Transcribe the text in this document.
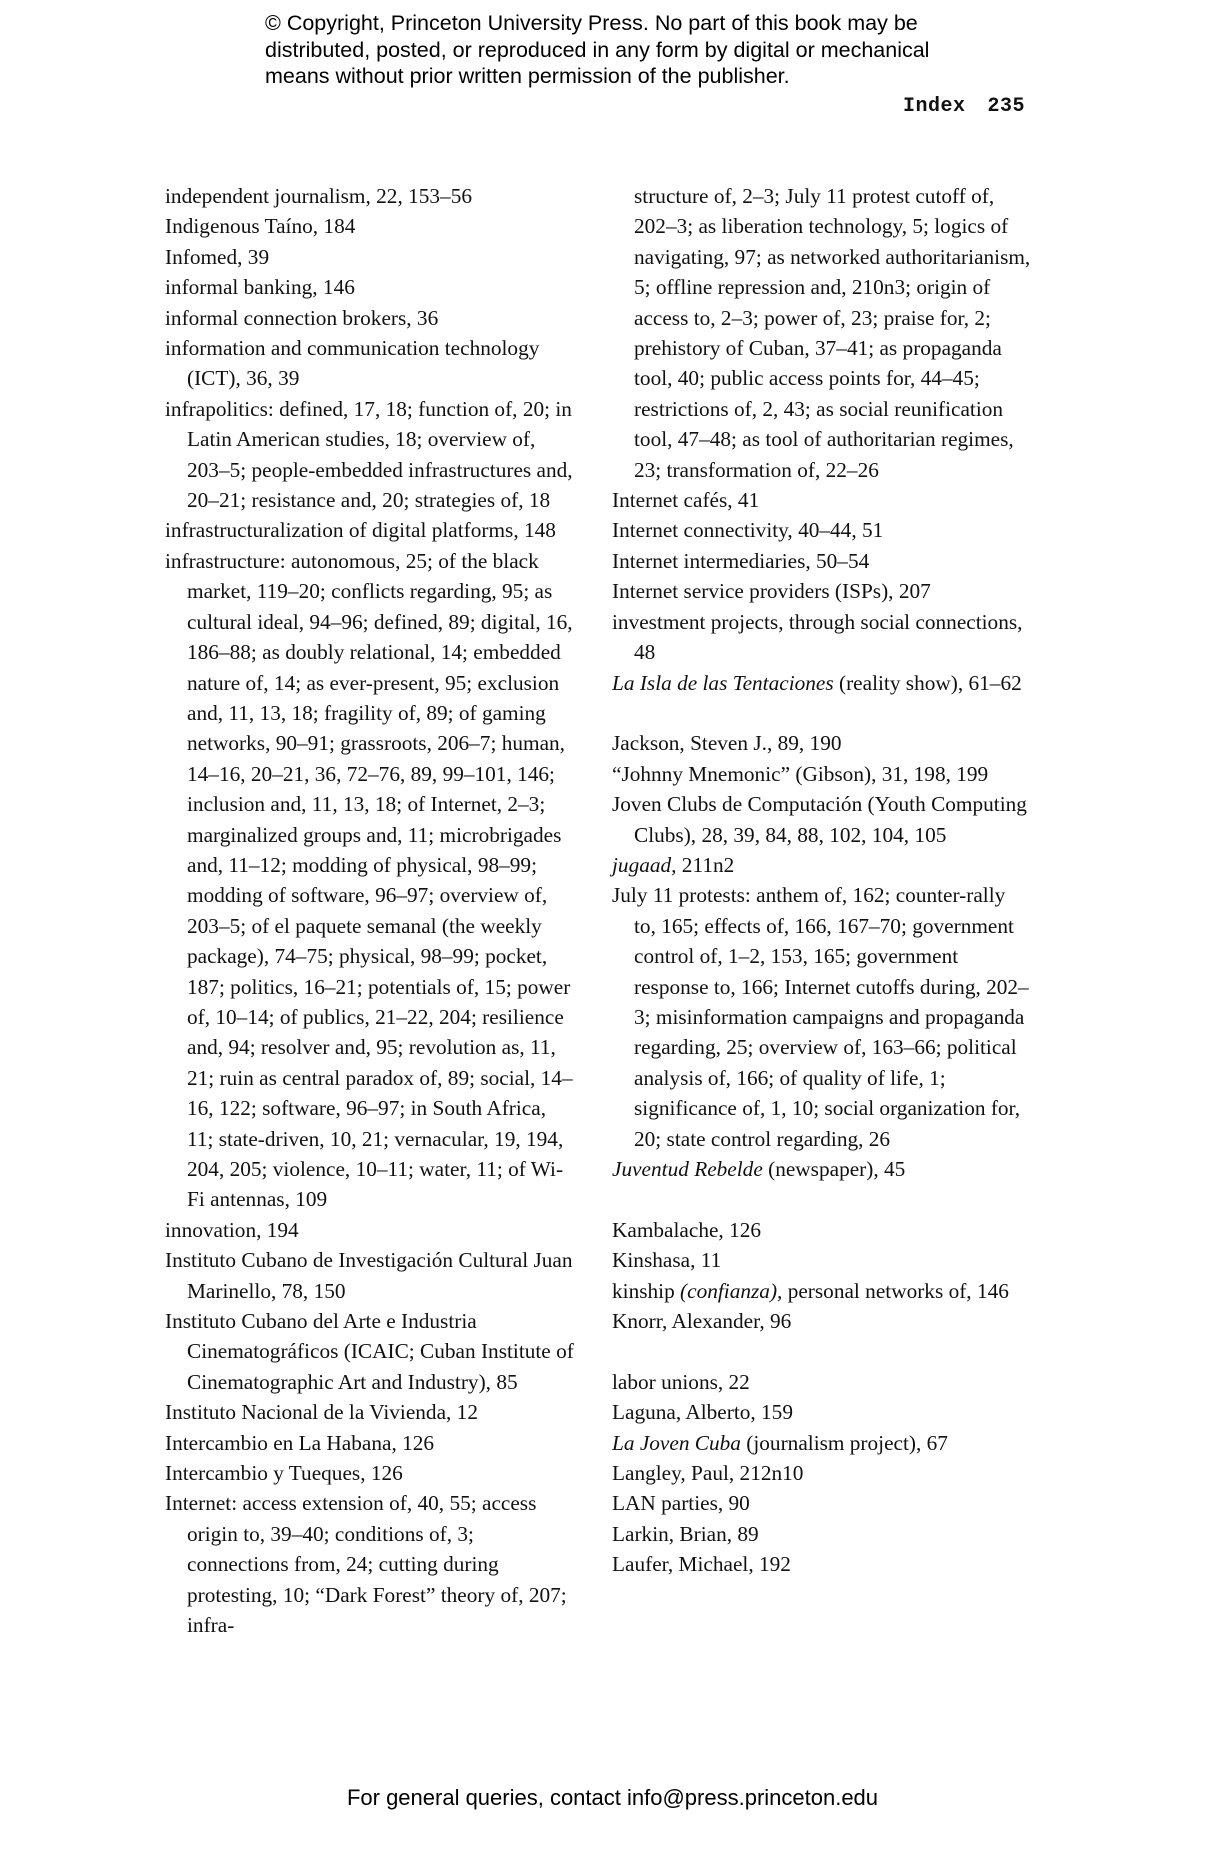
© Copyright, Princeton University Press. No part of this book may be
distributed, posted, or reproduced in any form by digital or mechanical
means without prior written permission of the publisher.
Index 235
independent journalism, 22, 153–56
Indigenous Taíno, 184
Infomed, 39
informal banking, 146
informal connection brokers, 36
information and communication technology (ICT), 36, 39
infrapolitics: defined, 17, 18; function of, 20; in Latin American studies, 18; overview of, 203–5; people-embedded infrastructures and, 20–21; resistance and, 20; strategies of, 18
infrastructuralization of digital platforms, 148
infrastructure: autonomous, 25; of the black market, 119–20; conflicts regarding, 95; as cultural ideal, 94–96; defined, 89; digital, 16, 186–88; as doubly relational, 14; embedded nature of, 14; as ever-present, 95; exclusion and, 11, 13, 18; fragility of, 89; of gaming networks, 90–91; grassroots, 206–7; human, 14–16, 20–21, 36, 72–76, 89, 99–101, 146; inclusion and, 11, 13, 18; of Internet, 2–3; marginalized groups and, 11; microbrigades and, 11–12; modding of physical, 98–99; modding of software, 96–97; overview of, 203–5; of el paquete semanal (the weekly package), 74–75; physical, 98–99; pocket, 187; politics, 16–21; potentials of, 15; power of, 10–14; of publics, 21–22, 204; resilience and, 94; resolver and, 95; revolution as, 11, 21; ruin as central paradox of, 89; social, 14–16, 122; software, 96–97; in South Africa, 11; state-driven, 10, 21; vernacular, 19, 194, 204, 205; violence, 10–11; water, 11; of Wi-Fi antennas, 109
innovation, 194
Instituto Cubano de Investigación Cultural Juan Marinello, 78, 150
Instituto Cubano del Arte e Industria Cinematográficos (ICAIC; Cuban Institute of Cinematographic Art and Industry), 85
Instituto Nacional de la Vivienda, 12
Intercambio en La Habana, 126
Intercambio y Tueques, 126
Internet: access extension of, 40, 55; access origin to, 39–40; conditions of, 3; connections from, 24; cutting during protesting, 10; “Dark Forest” theory of, 207; infra-
structure of, 2–3; July 11 protest cutoff of, 202–3; as liberation technology, 5; logics of navigating, 97; as networked authoritarianism, 5; offline repression and, 210n3; origin of access to, 2–3; power of, 23; praise for, 2; prehistory of Cuban, 37–41; as propaganda tool, 40; public access points for, 44–45; restrictions of, 2, 43; as social reunification tool, 47–48; as tool of authoritarian regimes, 23; transformation of, 22–26
Internet cafés, 41
Internet connectivity, 40–44, 51
Internet intermediaries, 50–54
Internet service providers (ISPs), 207
investment projects, through social connections, 48
La Isla de las Tentaciones (reality show), 61–62
Jackson, Steven J., 89, 190
“Johnny Mnemonic” (Gibson), 31, 198, 199
Joven Clubs de Computación (Youth Computing Clubs), 28, 39, 84, 88, 102, 104, 105
jugaad, 211n2
July 11 protests: anthem of, 162; counter-rally to, 165; effects of, 166, 167–70; government control of, 1–2, 153, 165; government response to, 166; Internet cutoffs during, 202–3; misinformation campaigns and propaganda regarding, 25; overview of, 163–66; political analysis of, 166; of quality of life, 1; significance of, 1, 10; social organization for, 20; state control regarding, 26
Juventud Rebelde (newspaper), 45
Kambalache, 126
Kinshasa, 11
kinship (confianza), personal networks of, 146
Knorr, Alexander, 96
labor unions, 22
Laguna, Alberto, 159
La Joven Cuba (journalism project), 67
Langley, Paul, 212n10
LAN parties, 90
Larkin, Brian, 89
Laufer, Michael, 192
For general queries, contact info@press.princeton.edu
